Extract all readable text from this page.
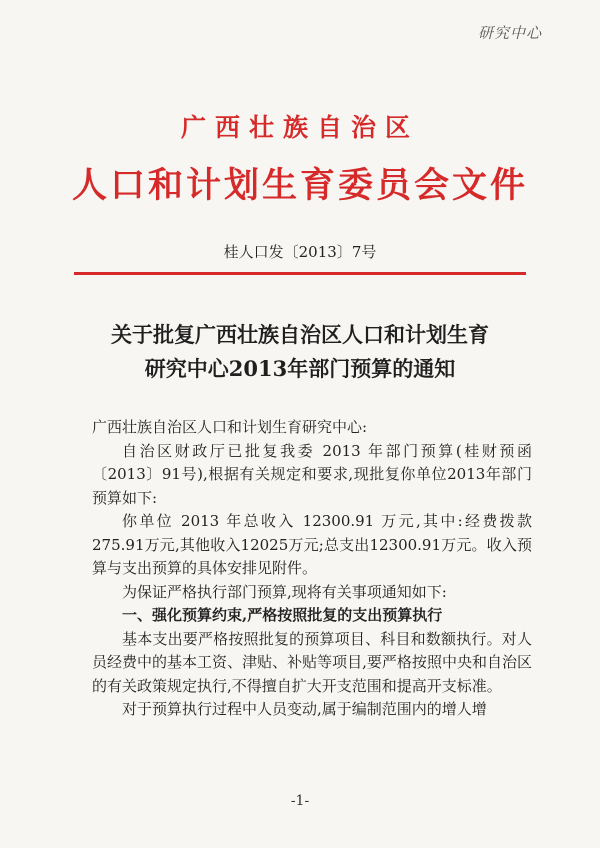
研究中心
广西壮族自治区
人口和计划生育委员会文件
桂人口发〔2013〕7号
关于批复广西壮族自治区人口和计划生育
研究中心2013年部门预算的通知

广西壮族自治区人口和计划生育研究中心:

自治区财政厅已批复我委 2013 年部门预算(桂财预函〔2013〕91号),根据有关规定和要求,现批复你单位2013年部门预算如下:

你单位 2013 年总收入 12300.91 万元,其中:经费拨款275.91万元,其他收入12025万元;总支出12300.91万元。收入预算与支出预算的具体安排见附件。

为保证严格执行部门预算,现将有关事项通知如下:

一、强化预算约束,严格按照批复的支出预算执行

基本支出要严格按照批复的预算项目、科目和数额执行。对人员经费中的基本工资、津贴、补贴等项目,要严格按照中央和自治区的有关政策规定执行,不得擅自扩大开支范围和提高开支标准。

对于预算执行过程中人员变动,属于编制范围内的增人增

-1-
